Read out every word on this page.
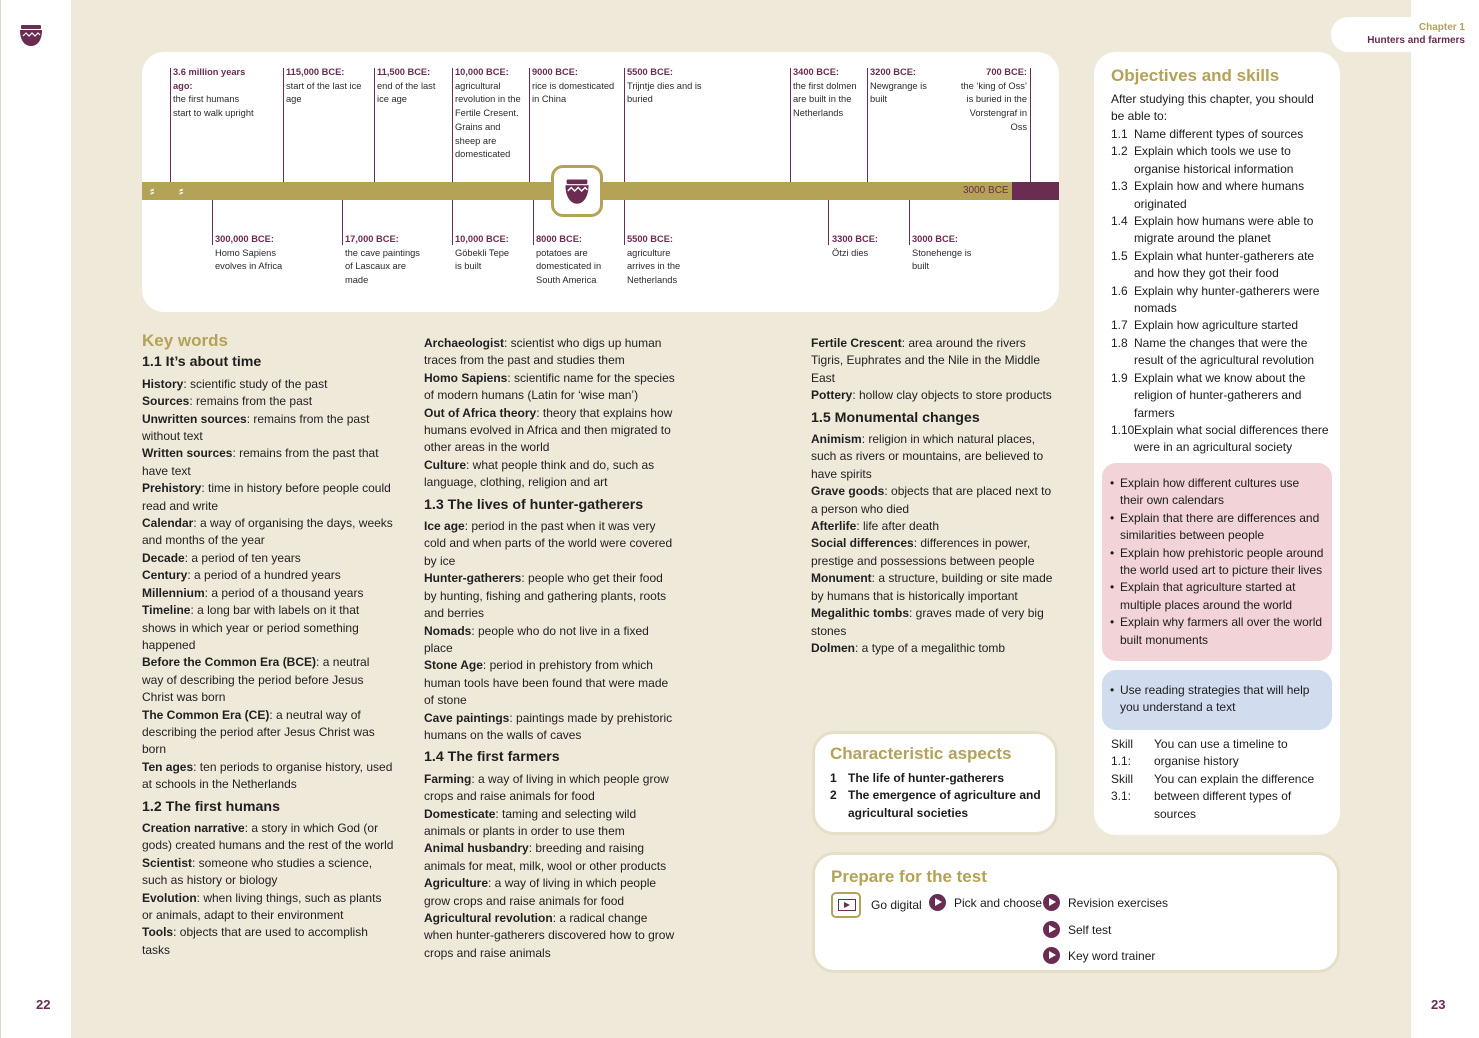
22	23
Chapter 1
Hunters and farmers
3000 BCE
⸗ ⸗
3.6 million years ago:
the first humans start to walk upright
115,000 BCE:
start of the last ice age
11,500 BCE:
end of the last ice age
10,000 BCE:
agricultural revolution in the Fertile Cresent. Grains and sheep are domesticated
9000 BCE:
rice is domesticated in China
5500 BCE:
Trijntje dies and is buried
3400 BCE:
the first dolmen are built in the Netherlands
3200 BCE:
Newgrange is built
700 BCE:
the ‘king of Oss’ is buried in the Vorstengraf in Oss
300,000 BCE:
Homo Sapiens evolves in Africa
17,000 BCE:
the cave paintings of Lascaux are made
10,000 BCE:
Göbekli Tepe is built
8000 BCE:
potatoes are domesticated in South America
5500 BCE:
agriculture arrives in the Netherlands
3300 BCE:
Ötzi dies
3000 BCE:
Stonehenge is built
Key words
1.1 It’s about time

History: scientific study of the past

Sources: remains from the past

Unwritten sources: remains from the past without text

Written sources: remains from the past that have text

Prehistory: time in history before people could read and write

Calendar: a way of organising the days, weeks and months of the year

Decade: a period of ten years

Century: a period of a hundred years

Millennium: a period of a thousand years

Timeline: a long bar with labels on it that shows in which year or period something happened

Before the Common Era (BCE): a neutral way of describing the period before Jesus Christ was born

The Common Era (CE): a neutral way of describing the period after Jesus Christ was born

Ten ages: ten periods to organise history, used at schools in the Netherlands

1.2 The first humans

Creation narrative: a story in which God (or gods) created humans and the rest of the world

Scientist: someone who studies a science, such as history or biology

Evolution: when living things, such as plants or animals, adapt to their environment

Tools: objects that are used to accomplish tasks

Archaeologist: scientist who digs up human traces from the past and studies them

Homo Sapiens: scientific name for the species of modern humans (Latin for ‘wise man’)

Out of Africa theory: theory that explains how humans evolved in Africa and then migrated to other areas in the world

Culture: what people think and do, such as language, clothing, religion and art

1.3 The lives of hunter-gatherers

Ice age: period in the past when it was very cold and when parts of the world were covered by ice

Hunter-gatherers: people who get their food by hunting, fishing and gathering plants, roots and berries

Nomads: people who do not live in a fixed place

Stone Age: period in prehistory from which human tools have been found that were made of stone

Cave paintings: paintings made by prehistoric humans on the walls of caves

1.4 The first farmers

Farming: a way of living in which people grow crops and raise animals for food

Domesticate: taming and selecting wild animals or plants in order to use them

Animal husbandry: breeding and raising animals for meat, milk, wool or other products

Agriculture: a way of living in which people grow crops and raise animals for food

Agricultural revolution: a radical change when hunter-gatherers discovered how to grow crops and raise animals

Fertile Crescent: area around the rivers Tigris, Euphrates and the Nile in the Middle East

Pottery: hollow clay objects to store products

1.5 Monumental changes

Animism: religion in which natural places, such as rivers or mountains, are believed to have spirits

Grave goods: objects that are placed next to a person who died

Afterlife: life after death

Social differences: differences in power, prestige and possessions between people

Monument: a structure, building or site made by humans that is historically important

Megalithic tombs: graves made of very big stones

Dolmen: a type of a megalithic tomb

Characteristic aspects
1 The life of hunter-gatherers
2 The emergence of agriculture and agricultural societies
Objectives and skills
After studying this chapter, you should be able to:
1.1 Name different types of sources
1.2 Explain which tools we use to organise historical information
1.3 Explain how and where humans originated
1.4 Explain how humans were able to migrate around the planet
1.5 Explain what hunter-gatherers ate and how they got their food
1.6 Explain why hunter-gatherers were nomads
1.7 Explain how agriculture started
1.8 Name the changes that were the result of the agricultural revolution
1.9 Explain what we know about the religion of hunter-gatherers and farmers
1.10 Explain what social differences there were in an agricultural society
• Explain how different cultures use their own calendars
• Explain that there are differences and similarities between people
• Explain how prehistoric people around the world used art to picture their lives
• Explain that agriculture started at multiple places around the world
• Explain why farmers all over the world built monuments
• Use reading strategies that will help you understand a text
Skill 1.1:
You can use a timeline to organise history
Skill 3.1:
You can explain the difference between different types of sources
Prepare for the test
Go digital	Pick and choose Revision exercises
Self test
Key word trainer
